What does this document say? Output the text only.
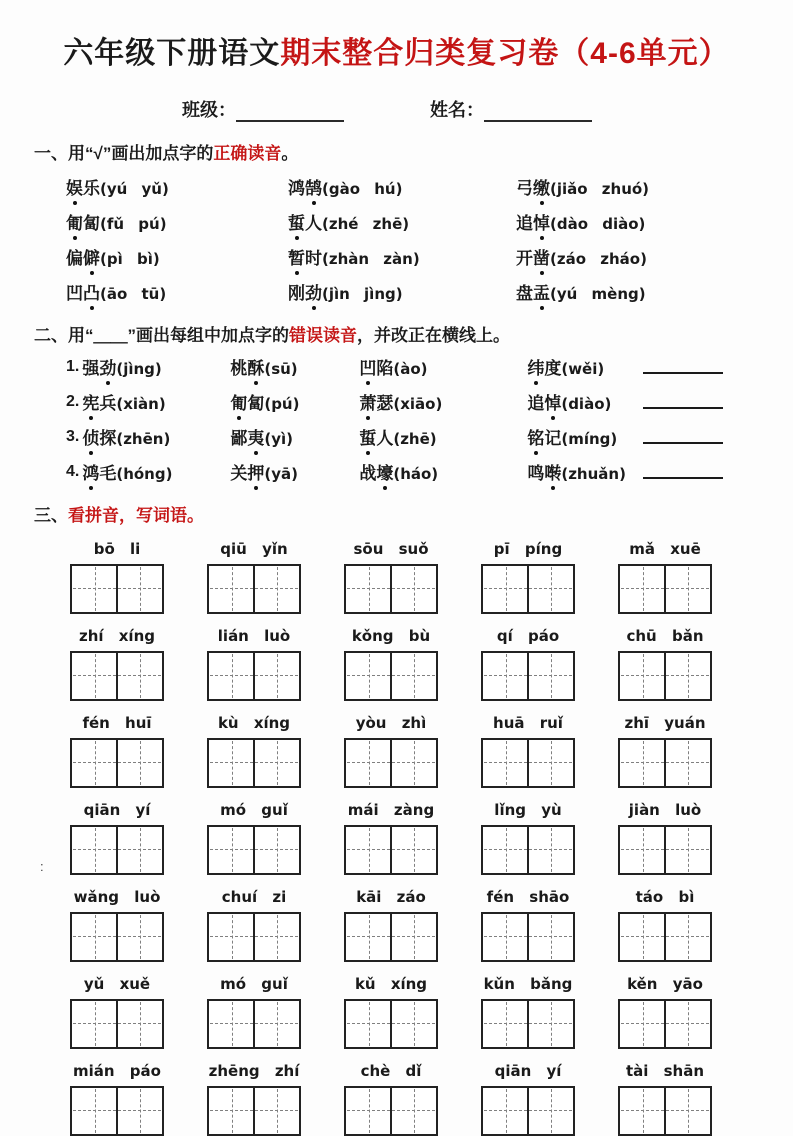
六年级下册语文期末整合归类复习卷（4-6单元）
班级：	姓名：
一、用“√”画出加点字的正确读音。
娱乐(yú yǔ)	鸿鹄(gào hú)	弓缴(jiǎo zhuó)
匍匐(fǔ pú)	蜇人(zhé zhē)	追悼(dào diào)
偏僻(pì bì)	暂时(zhàn zàn)	开凿(záo zháo)
凹凸(āo tū)	刚劲(jìn jìng)	盘盂(yú mèng)
二、用“＿＿”画出每组中加点字的错误读音，并改正在横线上。
1. 强劲(jìng)	桃酥(sū)	凹陷(ào)	纬度(wěi)
2. 宪兵(xiàn)	匍匐(pú)	萧瑟(xiāo)	追悼(diào)
3. 侦探(zhēn)	鄙夷(yì)	蜇人(zhē)	铭记(míng)
4. 鸿毛(hóng)	关押(yā)	战壕(háo)	鸣啭(zhuǎn)
三、看拼音，写词语。
bō li	qiū yǐn	sōu suǒ	pī píng	mǎ xuē
zhí xíng	lián luò	kǒng bù	qí páo	chū bǎn
fén huī	kù xíng	yòu zhì	huā ruǐ	zhī yuán
qiān yí	mó guǐ	mái zàng	lǐng yù	jiàn luò
wǎng luò	chuí zi	kāi záo	fén shāo	táo bì
yǔ xuě	mó guǐ	kǔ xíng	kǔn bǎng	kěn yāo
mián páo	zhēng zhí	chè dǐ	qiān yí	tài shān
:
